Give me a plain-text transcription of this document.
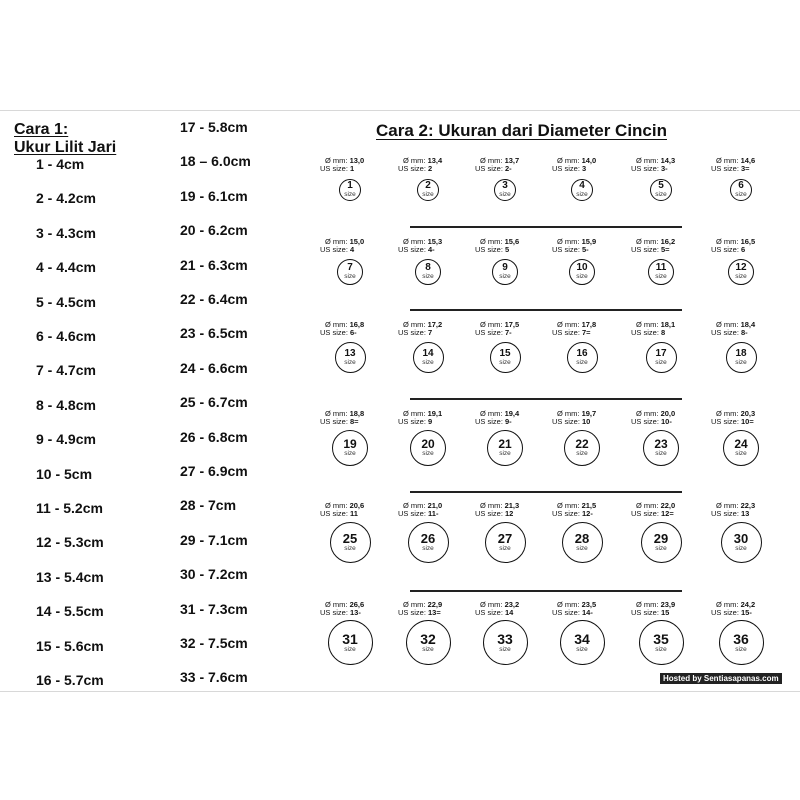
Cara 1:
Ukur Lilit Jari
1 - 4cm
2 - 4.2cm
3 - 4.3cm
4 - 4.4cm
5 - 4.5cm
6 - 4.6cm
7 - 4.7cm
8 - 4.8cm
9 - 4.9cm
10 - 5cm
11 - 5.2cm
12 - 5.3cm
13 - 5.4cm
14 - 5.5cm
15 - 5.6cm
16 - 5.7cm
17 - 5.8cm
18 – 6.0cm
19 - 6.1cm
20 - 6.2cm
21 - 6.3cm
22 - 6.4cm
23 - 6.5cm
24 - 6.6cm
25 - 6.7cm
26 - 6.8cm
27 - 6.9cm
28 - 7cm
29 - 7.1cm
30 - 7.2cm
31 - 7.3cm
32 - 7.5cm
33 - 7.6cm
Cara 2: Ukuran dari Diameter Cincin
Ø mm: 13,0
US size: 1
1
size
Ø mm: 13,4
US size: 2
2
size
Ø mm: 13,7
US size: 2-
3
size
Ø mm: 14,0
US size: 3
4
size
Ø mm: 14,3
US size: 3-
5
size
Ø mm: 14,6
US size: 3=
6
size
Ø mm: 15,0
US size: 4
7
size
Ø mm: 15,3
US size: 4-
8
size
Ø mm: 15,6
US size: 5
9
size
Ø mm: 15,9
US size: 5-
10
size
Ø mm: 16,2
US size: 5=
11
size
Ø mm: 16,5
US size: 6
12
size
Ø mm: 16,8
US size: 6-
13
size
Ø mm: 17,2
US size: 7
14
size
Ø mm: 17,5
US size: 7-
15
size
Ø mm: 17,8
US size: 7=
16
size
Ø mm: 18,1
US size: 8
17
size
Ø mm: 18,4
US size: 8-
18
size
Ø mm: 18,8
US size: 8=
19
size
Ø mm: 19,1
US size: 9
20
size
Ø mm: 19,4
US size: 9-
21
size
Ø mm: 19,7
US size: 10
22
size
Ø mm: 20,0
US size: 10-
23
size
Ø mm: 20,3
US size: 10=
24
size
Ø mm: 20,6
US size: 11
25
size
Ø mm: 21,0
US size: 11-
26
size
Ø mm: 21,3
US size: 12
27
size
Ø mm: 21,5
US size: 12-
28
size
Ø mm: 22,0
US size: 12=
29
size
Ø mm: 22,3
US size: 13
30
size
Ø mm: 26,6
US size: 13-
31
size
Ø mm: 22,9
US size: 13=
32
size
Ø mm: 23,2
US size: 14
33
size
Ø mm: 23,5
US size: 14-
34
size
Ø mm: 23,9
US size: 15
35
size
Ø mm: 24,2
US size: 15-
36
size
Hosted by Sentiasapanas.com
